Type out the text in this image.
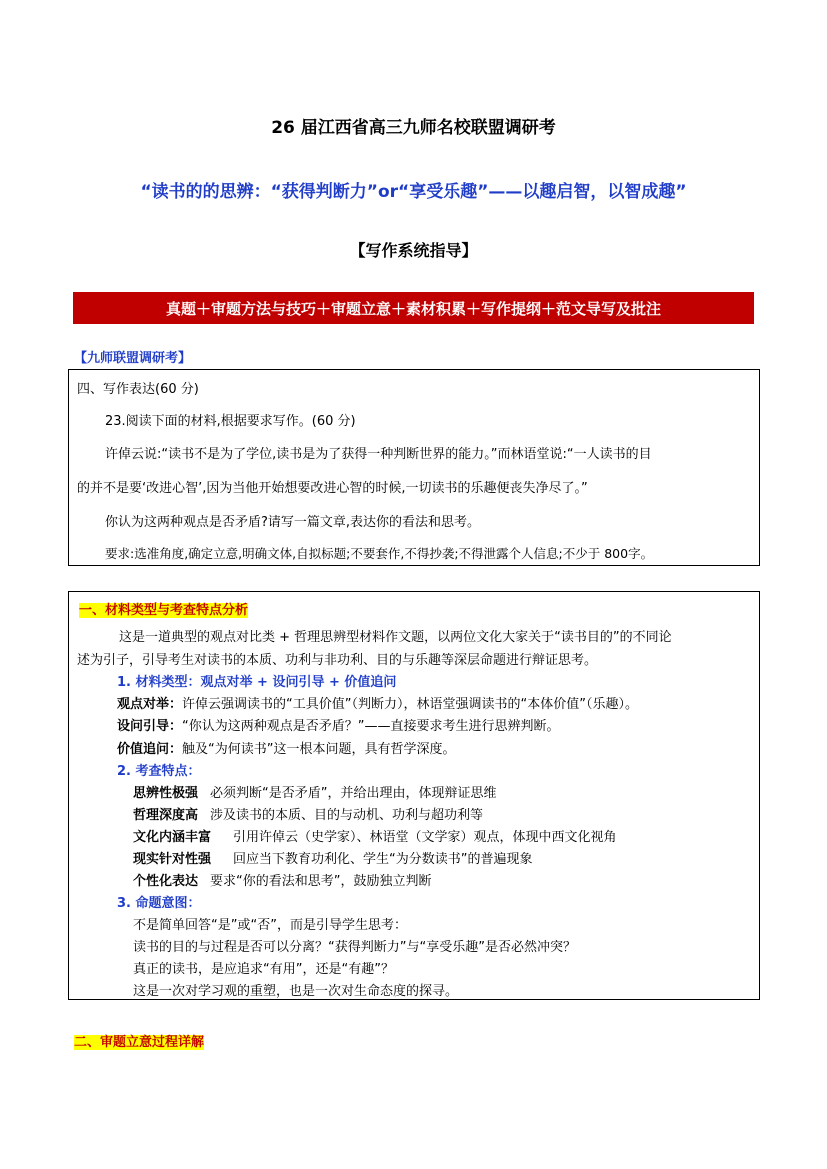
26 届江西省高三九师名校联盟调研考
“读书的的思辨：“获得判断力”or“享受乐趣”——以趣启智，以智成趣”
【写作系统指导】
真题＋审题方法与技巧＋审题立意＋素材积累＋写作提纲＋范文导写及批注
【九师联盟调研考】
四、写作表达(60 分)
23.阅读下面的材料,根据要求写作。(60 分)
许倬云说:“读书不是为了学位,读书是为了获得一种判断世界的能力。”而林语堂说:“一人读书的目
的并不是要‘改进心智’,因为当他开始想要改进心智的时候,一切读书的乐趣便丧失净尽了。”
你认为这两种观点是否矛盾?请写一篇文章,表达你的看法和思考。
要求:选准角度,确定立意,明确文体,自拟标题;不要套作,不得抄袭;不得泄露个人信息;不少于 800字。
一、材料类型与考查特点分析
这是一道典型的观点对比类 + 哲理思辨型材料作文题，以两位文化大家关于“读书目的”的不同论
述为引子，引导考生对读书的本质、功利与非功利、目的与乐趣等深层命题进行辩证思考。
1. 材料类型：观点对举 + 设问引导 + 价值追问
观点对举：许倬云强调读书的“工具价值”（判断力），林语堂强调读书的“本体价值”（乐趣）。
设问引导：“你认为这两种观点是否矛盾？”——直接要求考生进行思辨判断。
价值追问：触及“为何读书”这一根本问题，具有哲学深度。
2. 考查特点：
思辨性极强 必须判断“是否矛盾”，并给出理由，体现辩证思维
哲理深度高 涉及读书的本质、目的与动机、功利与超功利等
文化内涵丰富 引用许倬云（史学家）、林语堂（文学家）观点，体现中西文化视角
现实针对性强 回应当下教育功利化、学生“为分数读书”的普遍现象
个性化表达 要求“你的看法和思考”，鼓励独立判断
3. 命题意图：
不是简单回答“是”或“否”，而是引导学生思考：
读书的目的与过程是否可以分离？“获得判断力”与“享受乐趣”是否必然冲突？
真正的读书，是应追求“有用”，还是“有趣”？
这是一次对学习观的重塑，也是一次对生命态度的探寻。
二、审题立意过程详解
